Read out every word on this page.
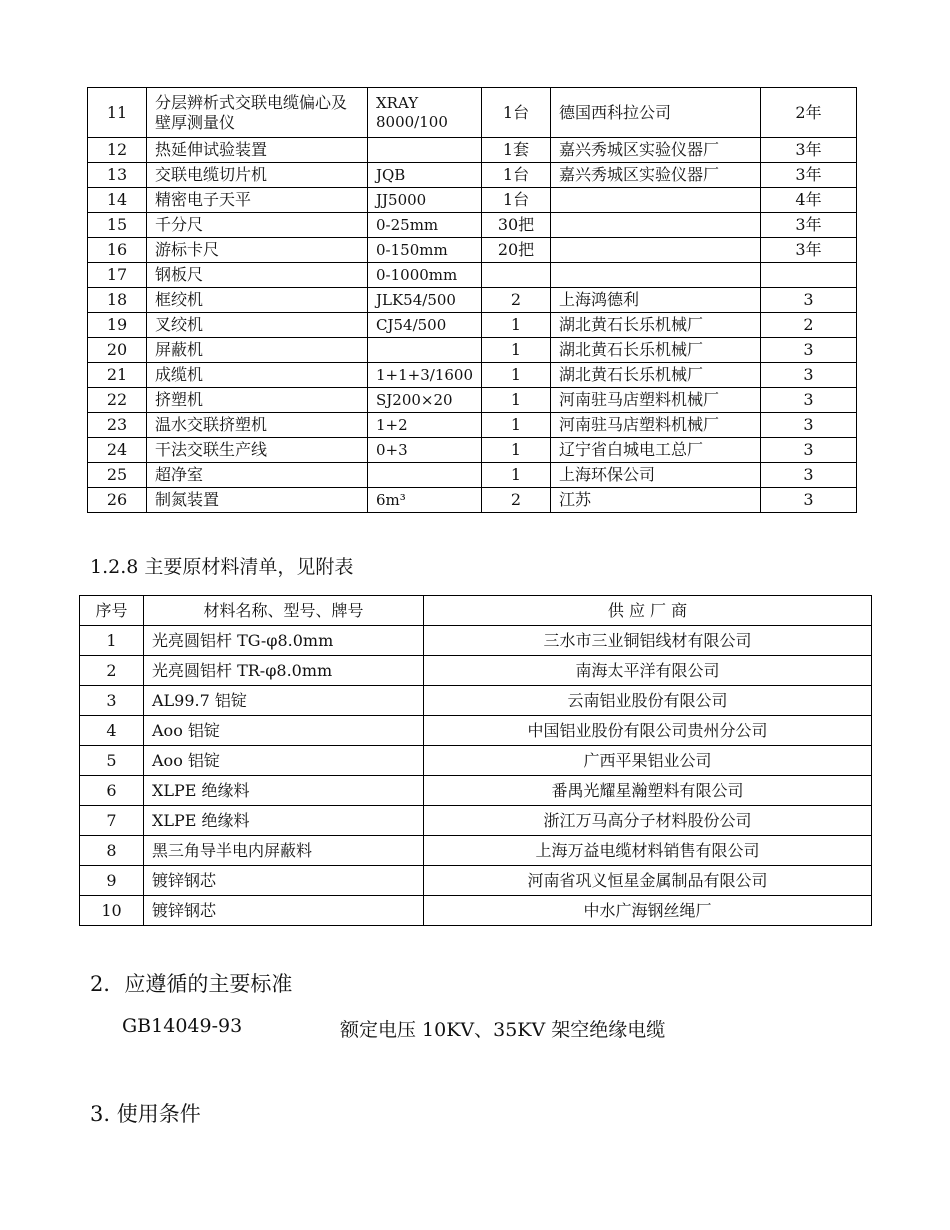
11	分层辨析式交联电缆偏心及壁厚测量仪	XRAY 8000/100	1台	德国西科拉公司	2年
12	热延伸试验装置		1套	嘉兴秀城区实验仪器厂	3年
13	交联电缆切片机	JQB	1台	嘉兴秀城区实验仪器厂	3年
14	精密电子天平	JJ5000	1台		4年
15	千分尺	0-25mm	30把		3年
16	游标卡尺	0-150mm	20把		3年
17	钢板尺	0-1000mm			
18	框绞机	JLK54/500	2	上海鸿德利	3
19	叉绞机	CJ54/500	1	湖北黄石长乐机械厂	2
20	屏蔽机		1	湖北黄石长乐机械厂	3
21	成缆机	1+1+3/1600	1	湖北黄石长乐机械厂	3
22	挤塑机	SJ200×20	1	河南驻马店塑料机械厂	3
23	温水交联挤塑机	1+2	1	河南驻马店塑料机械厂	3
24	干法交联生产线	0+3	1	辽宁省白城电工总厂	3
25	超净室		1	上海环保公司	3
26	制氮装置	6m³	2	江苏	3
1.2.8 主要原材料清单，见附表
序号	材料名称、型号、牌号	供 应 厂 商
1	光亮圆铝杆 TG-φ8.0mm	三水市三业铜铝线材有限公司
2	光亮圆铝杆 TR-φ8.0mm	南海太平洋有限公司
3	AL99.7 铝锭	云南铝业股份有限公司
4	Aoo 铝锭	中国铝业股份有限公司贵州分公司
5	Aoo 铝锭	广西平果铝业公司
6	XLPE 绝缘料	番禺光耀星瀚塑料有限公司
7	XLPE 绝缘料	浙江万马高分子材料股份公司
8	黑三角导半电内屏蔽料	上海万益电缆材料销售有限公司
9	镀锌钢芯	河南省巩义恒星金属制品有限公司
10	镀锌钢芯	中水广海钢丝绳厂
2．应遵循的主要标准
GB14049-93	额定电压 10KV、35KV 架空绝缘电缆
3. 使用条件
